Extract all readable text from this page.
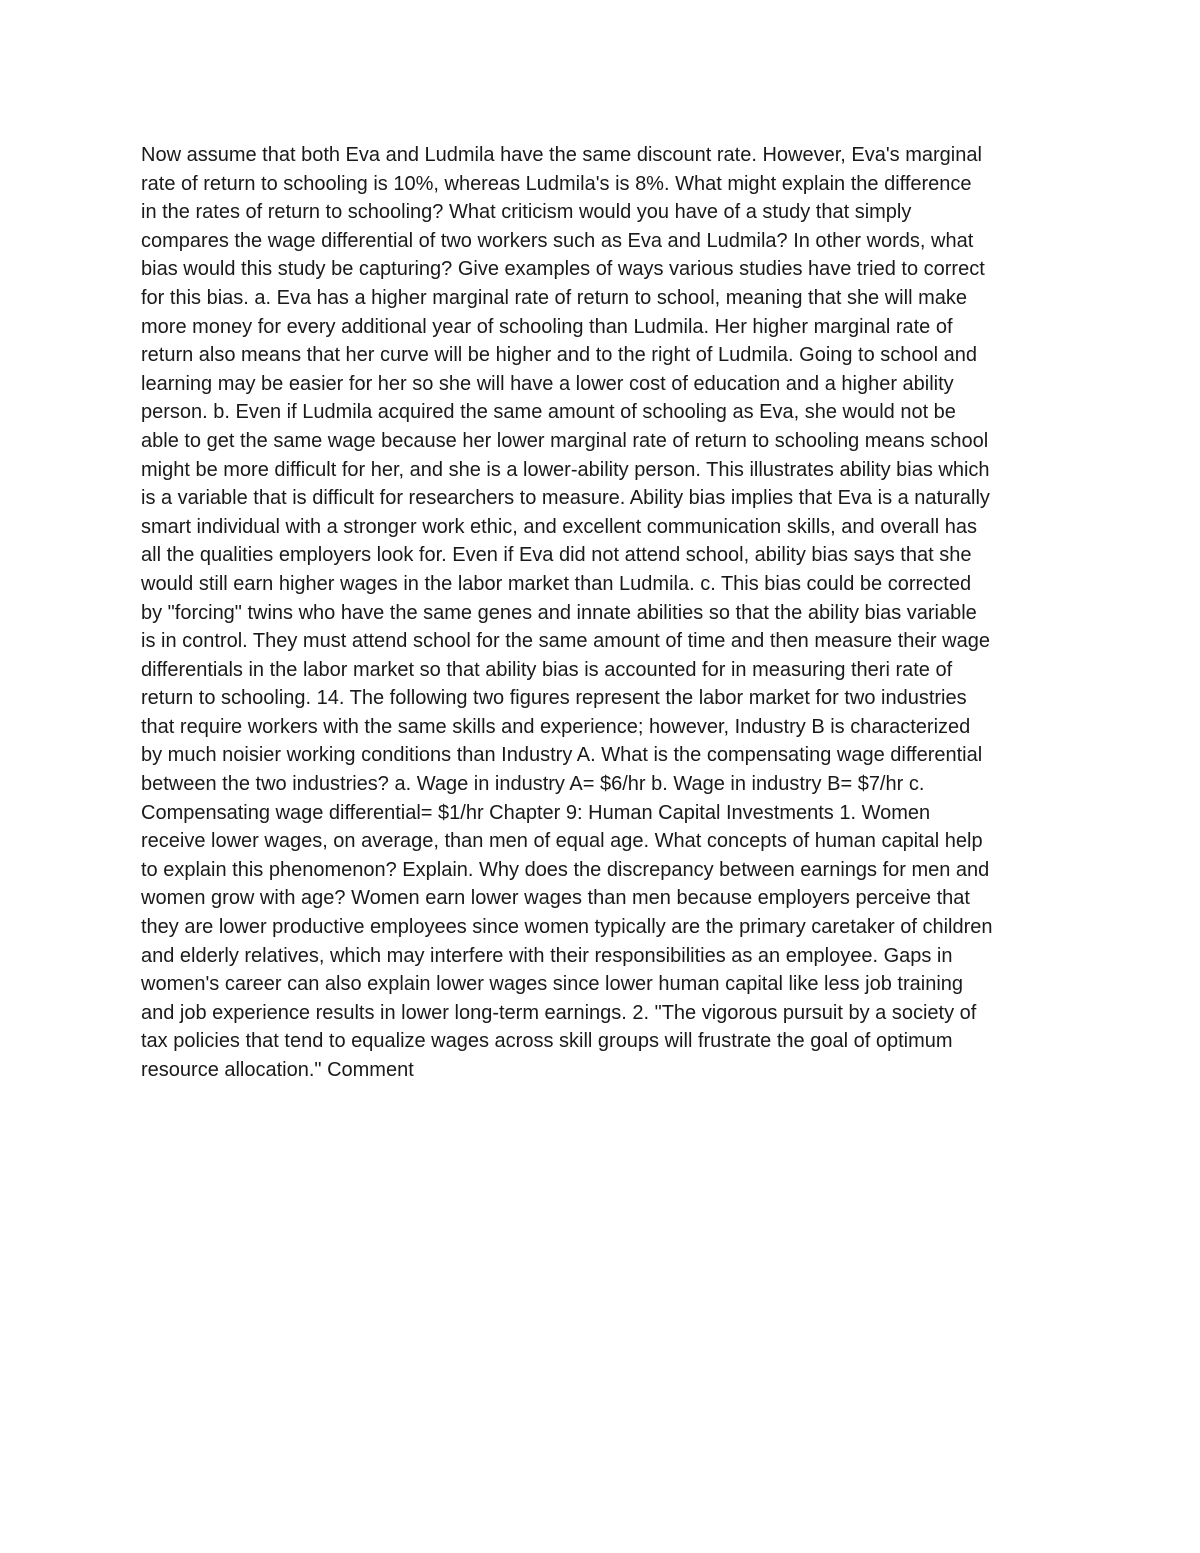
Now assume that both Eva and Ludmila have the same discount rate. However, Eva's marginal
rate of return to schooling is 10%, whereas Ludmila's is 8%. What might explain the difference
in the rates of return to schooling? What criticism would you have of a study that simply
compares the wage differential of two workers such as Eva and Ludmila? In other words, what
bias would this study be capturing? Give examples of ways various studies have tried to correct
for this bias. a. Eva has a higher marginal rate of return to school, meaning that she will make
more money for every additional year of schooling than Ludmila. Her higher marginal rate of
return also means that her curve will be higher and to the right of Ludmila. Going to school and
learning may be easier for her so she will have a lower cost of education and a higher ability
person. b. Even if Ludmila acquired the same amount of schooling as Eva, she would not be
able to get the same wage because her lower marginal rate of return to schooling means school
might be more difficult for her, and she is a lower-ability person. This illustrates ability bias which
is a variable that is difficult for researchers to measure. Ability bias implies that Eva is a naturally
smart individual with a stronger work ethic, and excellent communication skills, and overall has
all the qualities employers look for. Even if Eva did not attend school, ability bias says that she
would still earn higher wages in the labor market than Ludmila. c. This bias could be corrected
by "forcing" twins who have the same genes and innate abilities so that the ability bias variable
is in control. They must attend school for the same amount of time and then measure their wage
differentials in the labor market so that ability bias is accounted for in measuring theri rate of
return to schooling. 14. The following two figures represent the labor market for two industries
that require workers with the same skills and experience; however, Industry B is characterized
by much noisier working conditions than Industry A. What is the compensating wage differential
between the two industries? a. Wage in industry A= $6/hr b. Wage in industry B= $7/hr c.
Compensating wage differential= $1/hr Chapter 9: Human Capital Investments 1. Women
receive lower wages, on average, than men of equal age. What concepts of human capital help
to explain this phenomenon? Explain. Why does the discrepancy between earnings for men and
women grow with age? Women earn lower wages than men because employers perceive that
they are lower productive employees since women typically are the primary caretaker of children
and elderly relatives, which may interfere with their responsibilities as an employee. Gaps in
women's career can also explain lower wages since lower human capital like less job training
and job experience results in lower long-term earnings. 2. "The vigorous pursuit by a society of
tax policies that tend to equalize wages across skill groups will frustrate the goal of optimum
resource allocation." Comment
